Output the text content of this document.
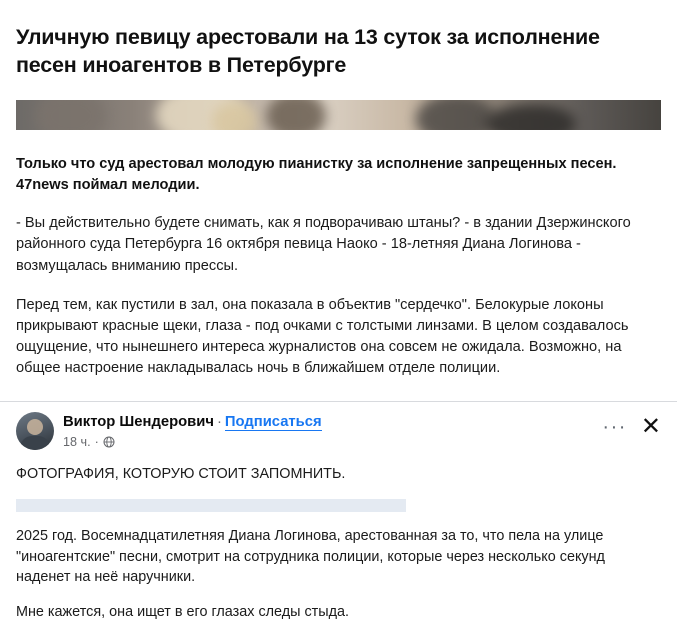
Уличную певицу арестовали на 13 суток за исполнение песен иноагентов в Петербурге

Только что суд арестовал молодую пианистку за исполнение запрещенных песен. 47news поймал мелодии.

- Вы действительно будете снимать, как я подворачиваю штаны? - в здании Дзержинского районного суда Петербурга 16 октября певица Наоко - 18-летняя Диана Логинова - возмущалась вниманию прессы.

Перед тем, как пустили в зал, она показала в объектив "сердечко". Белокурые локоны прикрывают красные щеки, глаза - под очками с толстыми линзами. В целом создавалось ощущение, что нынешнего интереса журналистов она совсем не ожидала. Возможно, на общее настроение накладывалась ночь в ближайшем отделе полиции.

Виктор Шендерович · Подписаться
18 ч. ·
··· ✕

ФОТОГРАФИЯ, КОТОРУЮ СТОИТ ЗАПОМНИТЬ.

2025 год. Восемнадцатилетняя Диана Логинова, арестованная за то, что пела на улице "иноагентские" песни, смотрит на сотрудника полиции, которые через несколько секунд наденет на неё наручники.

Мне кажется, она ищет в его глазах следы стыда.
